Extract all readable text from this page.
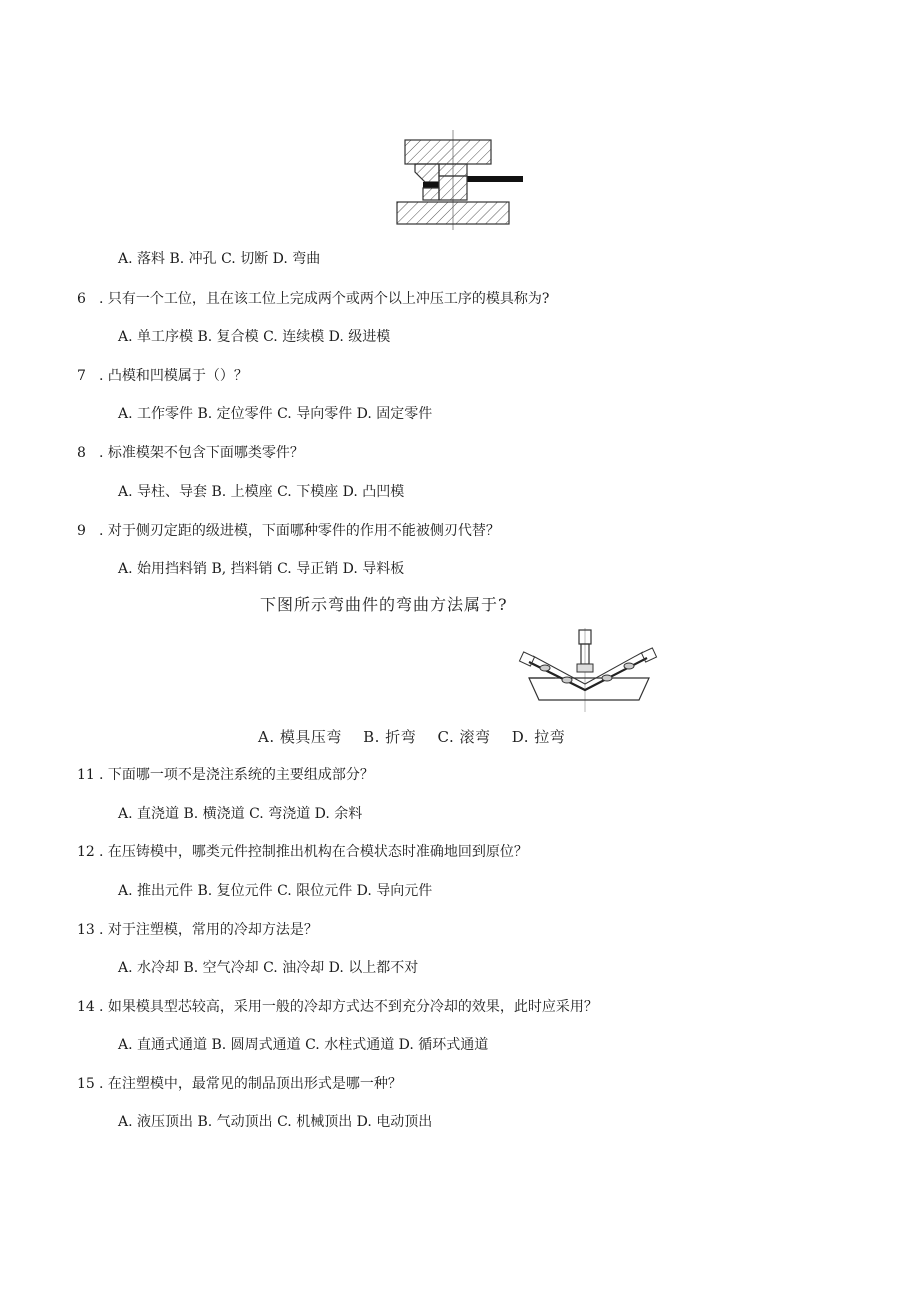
A. 落料 B. 冲孔 C. 切断 D. 弯曲
6 . 只有一个工位，且在该工位上完成两个或两个以上冲压工序的模具称为?
A. 单工序模 B. 复合模 C. 连续模 D. 级进模
7 . 凸模和凹模属于（）？
A. 工作零件 B. 定位零件 C. 导向零件 D. 固定零件
8 . 标准模架不包含下面哪类零件？
A. 导柱、导套 B. 上模座 C. 下模座 D. 凸凹模
9 . 对于侧刃定距的级进模，下面哪种零件的作用不能被侧刃代替？
A. 始用挡料销 B, 挡料销 C. 导正销 D. 导料板
下图所示弯曲件的弯曲方法属于?
A. 模具压弯 B. 折弯 C. 滚弯 D. 拉弯
11 . 下面哪一项不是浇注系统的主要组成部分？
A. 直浇道 B. 横浇道 C. 弯浇道 D. 余料
12 . 在压铸模中，哪类元件控制推出机构在合模状态时准确地回到原位？
A. 推出元件 B. 复位元件 C. 限位元件 D. 导向元件
13 . 对于注塑模，常用的冷却方法是？
A. 水冷却 B. 空气冷却 C. 油冷却 D. 以上都不对
14 . 如果模具型芯较高，采用一般的冷却方式达不到充分冷却的效果，此时应采用？
A. 直通式通道 B. 圆周式通道 C. 水柱式通道 D. 循环式通道
15 . 在注塑模中，最常见的制品顶出形式是哪一种？
A. 液压顶出 B. 气动顶出 C. 机械顶出 D. 电动顶出
